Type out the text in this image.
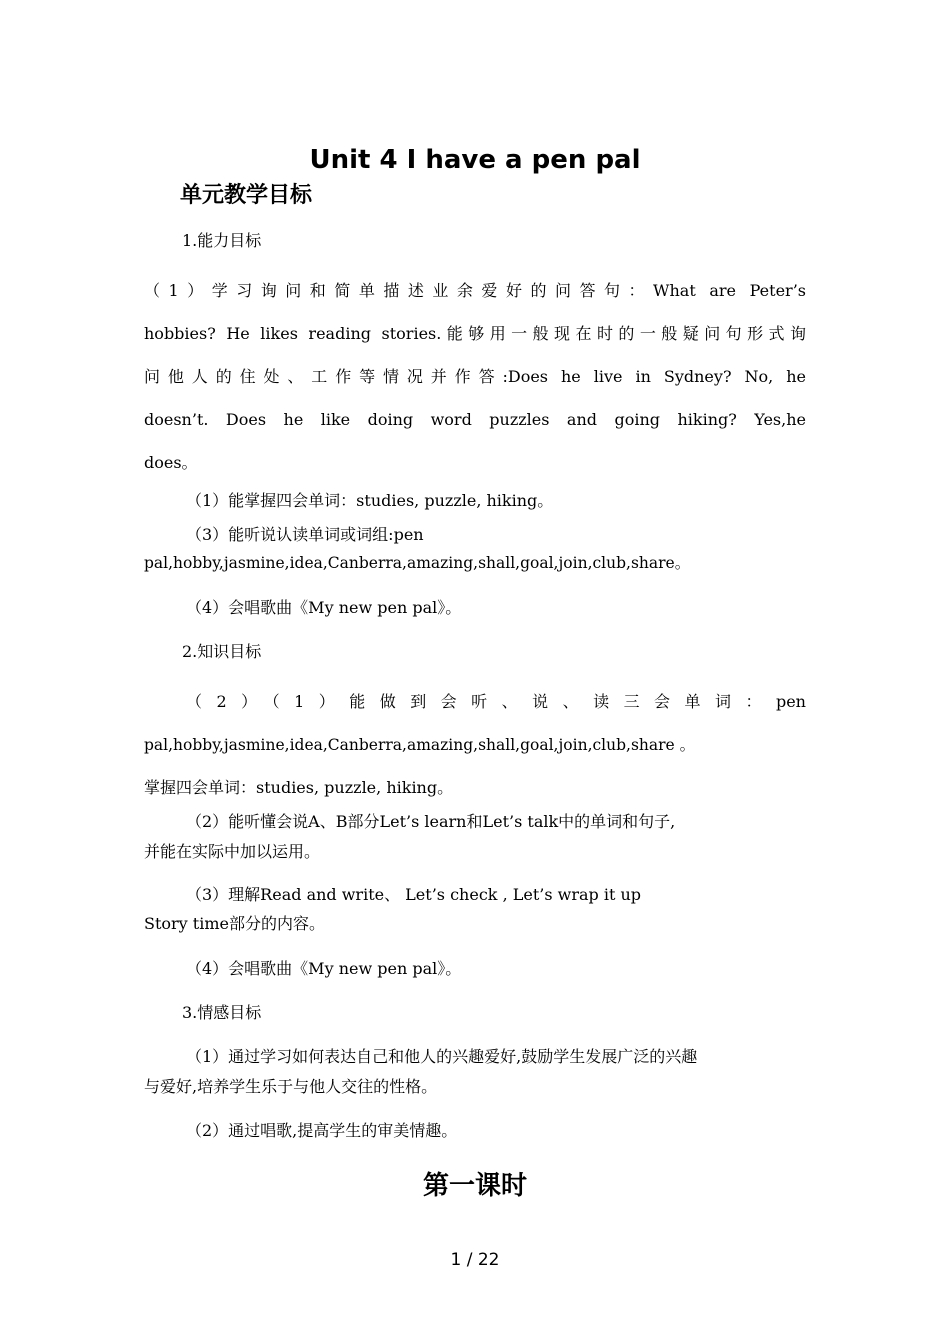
Unit 4 I have a pen pal
单元教学目标
1.能力目标
（1）学习询问和简单描述业余爱好的问答句：What are Peter’s
hobbies? He likes reading stories.能够用一般现在时的一般疑问句形式询
问他人的住处、工作等情况并作答:Does he live in Sydney? No, he
doesn’t. Does he like doing word puzzles and going hiking? Yes,he
does。
（1）能掌握四会单词：studies, puzzle, hiking。
（3）能听说认读单词或词组:pen
pal,hobby,jasmine,idea,Canberra,amazing,shall,goal,join,club,share。
（4）会唱歌曲《My new pen pal》。
2.知识目标
（2）（1）能做到会听、说、读三会单词：pen
pal,hobby,jasmine,idea,Canberra,amazing,shall,goal,join,club,share 。
掌握四会单词：studies, puzzle, hiking。
（2）能听懂会说A、B部分Let’s learn和Let’s talk中的单词和句子,
并能在实际中加以运用。
（3）理解Read and write、 Let’s check , Let’s wrap it up
Story time部分的内容。
（4）会唱歌曲《My new pen pal》。
3.情感目标
（1）通过学习如何表达自己和他人的兴趣爱好,鼓励学生发展广泛的兴趣
与爱好,培养学生乐于与他人交往的性格。
（2）通过唱歌,提高学生的审美情趣。
第一课时
1 / 22
